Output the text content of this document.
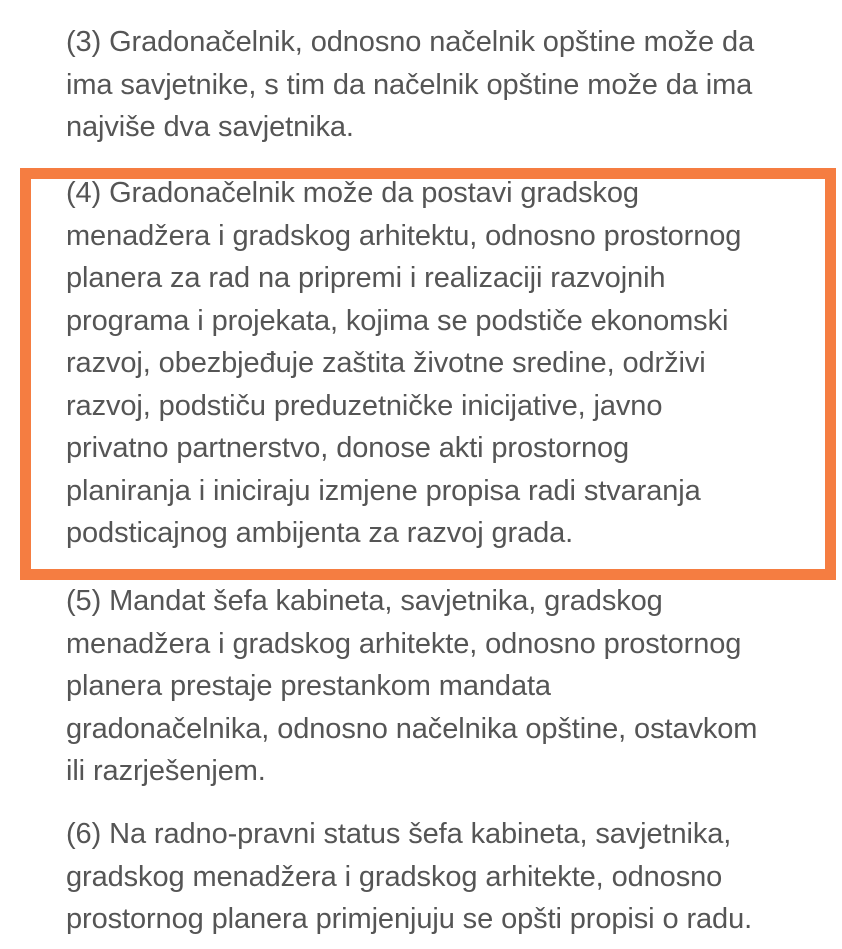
(3) Gradonačelnik, odnosno načelnik opštine može da
ima savjetnike, s tim da načelnik opštine može da ima
najviše dva savjetnika.

(4) Gradonačelnik može da postavi gradskog
menadžera i gradskog arhitektu, odnosno prostornog
planera za rad na pripremi i realizaciji razvojnih
programa i projekata, kojima se podstiče ekonomski
razvoj, obezbjeđuje zaštita životne sredine, održivi
razvoj, podstiču preduzetničke inicijative, javno
privatno partnerstvo, donose akti prostornog
planiranja i iniciraju izmjene propisa radi stvaranja
podsticajnog ambijenta za razvoj grada.

(5) Mandat šefa kabineta, savjetnika, gradskog
menadžera i gradskog arhitekte, odnosno prostornog
planera prestaje prestankom mandata
gradonačelnika, odnosno načelnika opštine, ostavkom
ili razrješenjem.

(6) Na radno-pravni status šefa kabineta, savjetnika,
gradskog menadžera i gradskog arhitekte, odnosno
prostornog planera primjenjuju se opšti propisi o radu.
